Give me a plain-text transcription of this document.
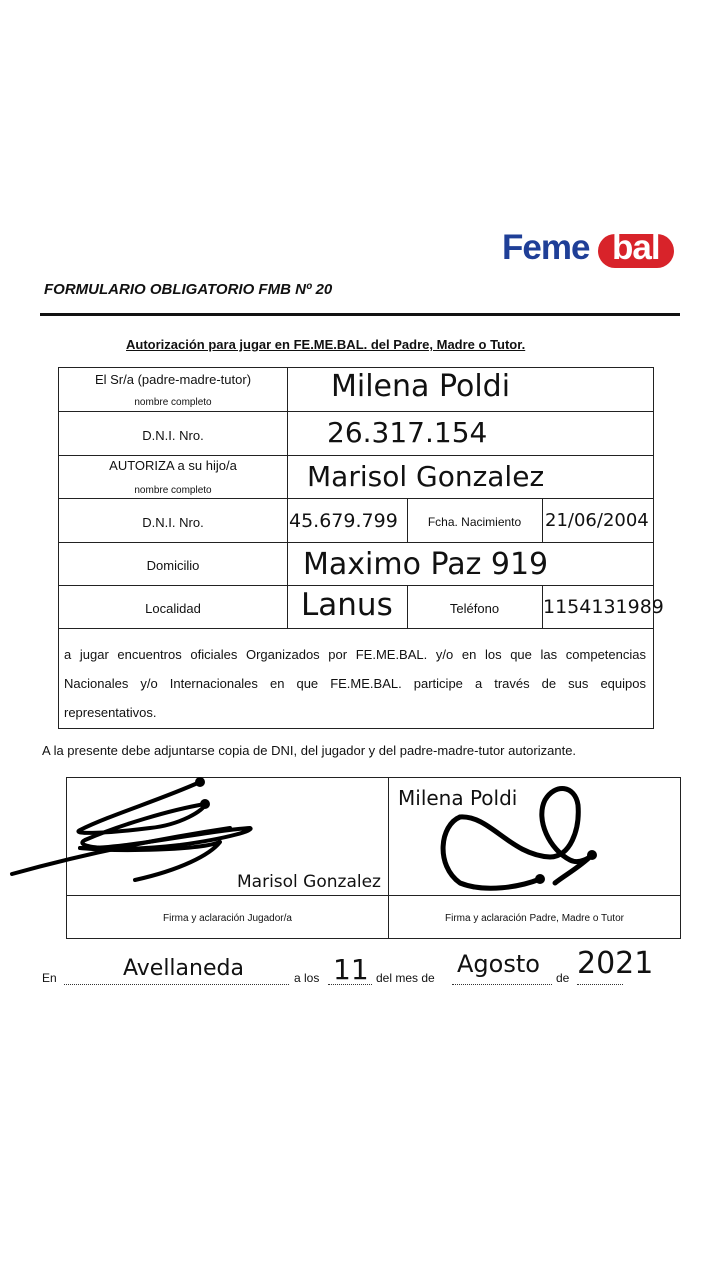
Feme bal
FORMULARIO OBLIGATORIO FMB Nº 20
Autorización para jugar en FE.ME.BAL. del Padre, Madre o Tutor.
El Sr/a (padre-madre-tutor)
nombre completo	Milena Poldi
D.N.I. Nro.	26.317.154
AUTORIZA a su hijo/a
nombre completo	Marisol Gonzalez
D.N.I. Nro.	45.679.799	Fcha. Nacimiento	21/06/2004
Domicilio	Maximo Paz 919
Localidad	Lanus	Teléfono	1154131989
a jugar encuentros oficiales Organizados por FE.ME.BAL. y/o en los que las competencias Nacionales y/o Internacionales en que FE.ME.BAL. participe a través de sus equipos representativos.
A la presente debe adjuntarse copia de DNI, del jugador y del padre-madre-tutor autorizante.
Marisol Gonzalez
Milena Poldi
Firma y aclaración Jugador/a	Firma y aclaración Padre, Madre o Tutor
En	Avellaneda	a los 11 del mes de Agosto de 2021
